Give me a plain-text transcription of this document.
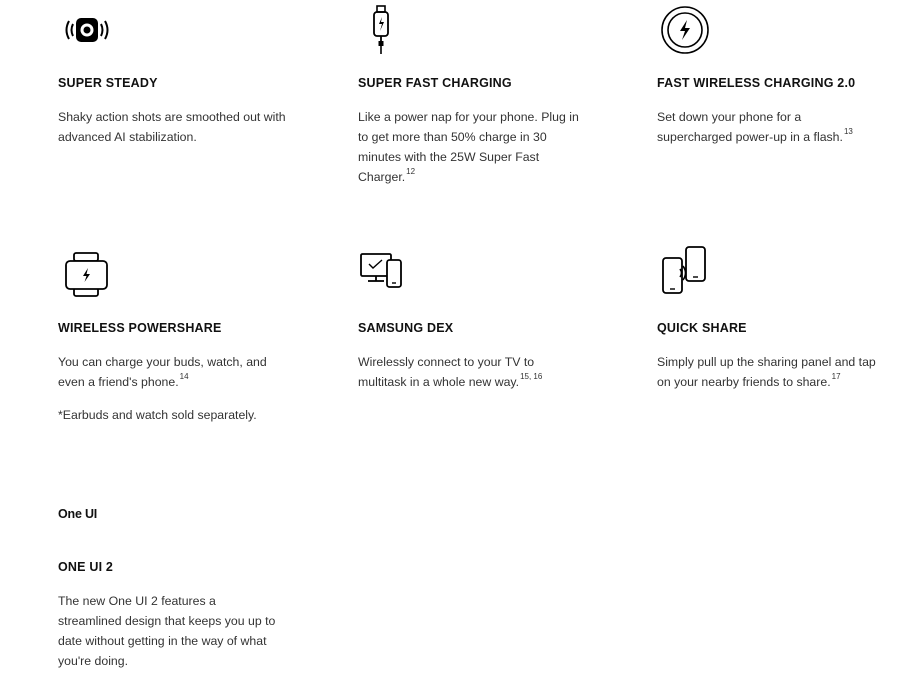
SUPER STEADY
Shaky action shots are smoothed out with advanced AI stabilization.
SUPER FAST CHARGING
Like a power nap for your phone. Plug in to get more than 50% charge in 30 minutes with the 25W Super Fast Charger.$^{12}$
FAST WIRELESS CHARGING 2.0
Set down your phone for a supercharged power-up in a flash.$^{13}$
WIRELESS POWERSHARE
You can charge your buds, watch, and even a friend's phone.$^{14}$
*Earbuds and watch sold separately.
SAMSUNG DEX
Wirelessly connect to your TV to multitask in a whole new way.$^{15, 16}$
QUICK SHARE
Simply pull up the sharing panel and tap on your nearby friends to share.$^{17}$
One UI
ONE UI 2
The new One UI 2 features a streamlined design that keeps you up to date without getting in the way of what you're doing.
